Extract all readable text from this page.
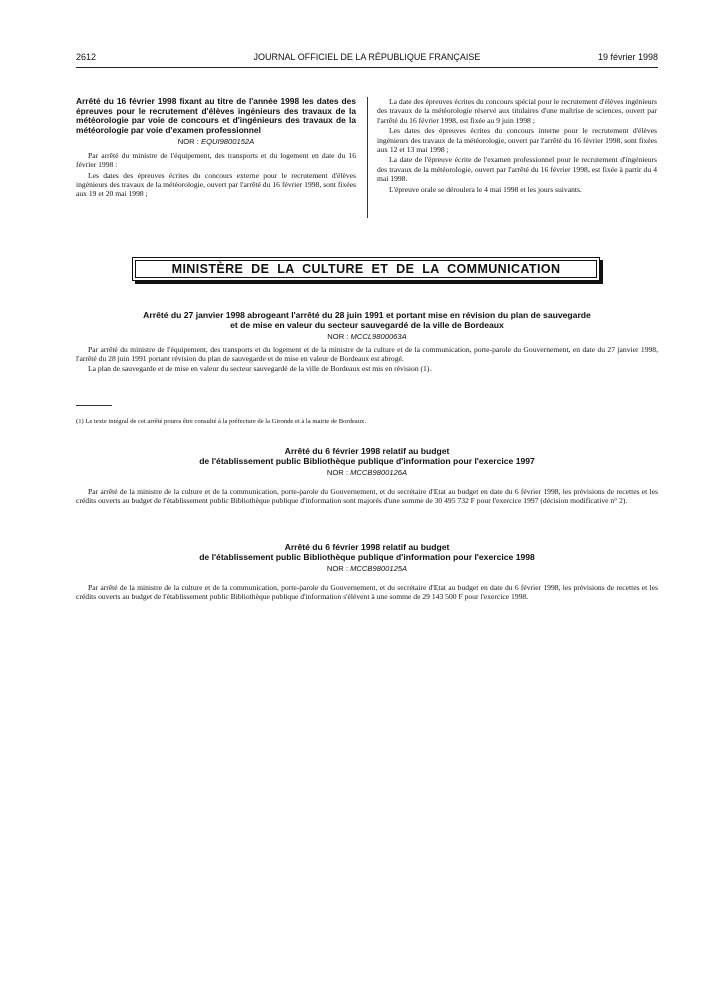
2612	JOURNAL OFFICIEL DE LA RÉPUBLIQUE FRANÇAISE	19 février 1998

Arrêté du 16 février 1998 fixant au titre de l'année 1998 les dates des épreuves pour le recrutement d'élèves ingénieurs des travaux de la météorologie par voie de concours et d'ingénieurs des travaux de la météorologie par voie d'examen professionnel

NOR : EQUI9800152A

Par arrêté du ministre de l'équipement, des transports et du logement en date du 16 février 1998 :

Les dates des épreuves écrites du concours externe pour le recrutement d'élèves ingénieurs des travaux de la météorologie, ouvert par l'arrêté du 16 février 1998, sont fixées aux 19 et 20 mai 1998 ;

La date des épreuves écrites du concours spécial pour le recrutement d'élèves ingénieurs des travaux de la météorologie réservé aux titulaires d'une maîtrise de sciences, ouvert par l'arrêté du 16 février 1998, est fixée au 9 juin 1998 ;

Les dates des épreuves écrites du concours interne pour le recrutement d'élèves ingénieurs des travaux de la météorologie, ouvert par l'arrêté du 16 février 1998, sont fixées aux 12 et 13 mai 1998 ;

La date de l'épreuve écrite de l'examen professionnel pour le recrutement d'ingénieurs des travaux de la météorologie, ouvert par l'arrêté du 16 février 1998, est fixée à partir du 4 mai 1998.

L'épreuve orale se déroulera le 4 mai 1998 et les jours suivants.

MINISTÈRE DE LA CULTURE ET DE LA COMMUNICATION

Arrêté du 27 janvier 1998 abrogeant l'arrêté du 28 juin 1991 et portant mise en révision du plan de sauvegarde

et de mise en valeur du secteur sauvegardé de la ville de Bordeaux

NOR : MCCL9800063A

Par arrêté du ministre de l'équipement, des transports et du logement et de la ministre de la culture et de la communication, porte-parole du Gouvernement, en date du 27 janvier 1998, l'arrêté du 28 juin 1991 portant révision du plan de sauvegarde et de mise en valeur de Bordeaux est abrogé.

La plan de sauvegarde et de mise en valeur du secteur sauvegardé de la ville de Bordeaux est mis en révision (1).

(1) Le texte intégral de cet arrêté pourra être consulté à la préfecture de la Gironde et à la mairie de Bordeaux.

Arrêté du 6 février 1998 relatif au budget

de l'établissement public Bibliothèque publique d'information pour l'exercice 1997

NOR : MCCB9800126A

Par arrêté de la ministre de la culture et de la communication, porte-parole du Gouvernement, et du secrétaire d'Etat au budget en date du 6 février 1998, les prévisions de recettes et les crédits ouverts au budget de l'établissement public Bibliothèque publique d'information sont majorés d'une somme de 30 495 732 F pour l'exercice 1997 (décision modificative n° 2).

Arrêté du 6 février 1998 relatif au budget

de l'établissement public Bibliothèque publique d'information pour l'exercice 1998

NOR : MCCB9800125A

Par arrêté de la ministre de la culture et de la communication, porte-parole du Gouvernement, et du secrétaire d'Etat au budget en date du 6 février 1998, les prévisions de recettes et les crédits ouverts au budget de l'établissement public Bibliothèque publique d'information s'élèvent à une somme de 29 143 500 F pour l'exercice 1998.
